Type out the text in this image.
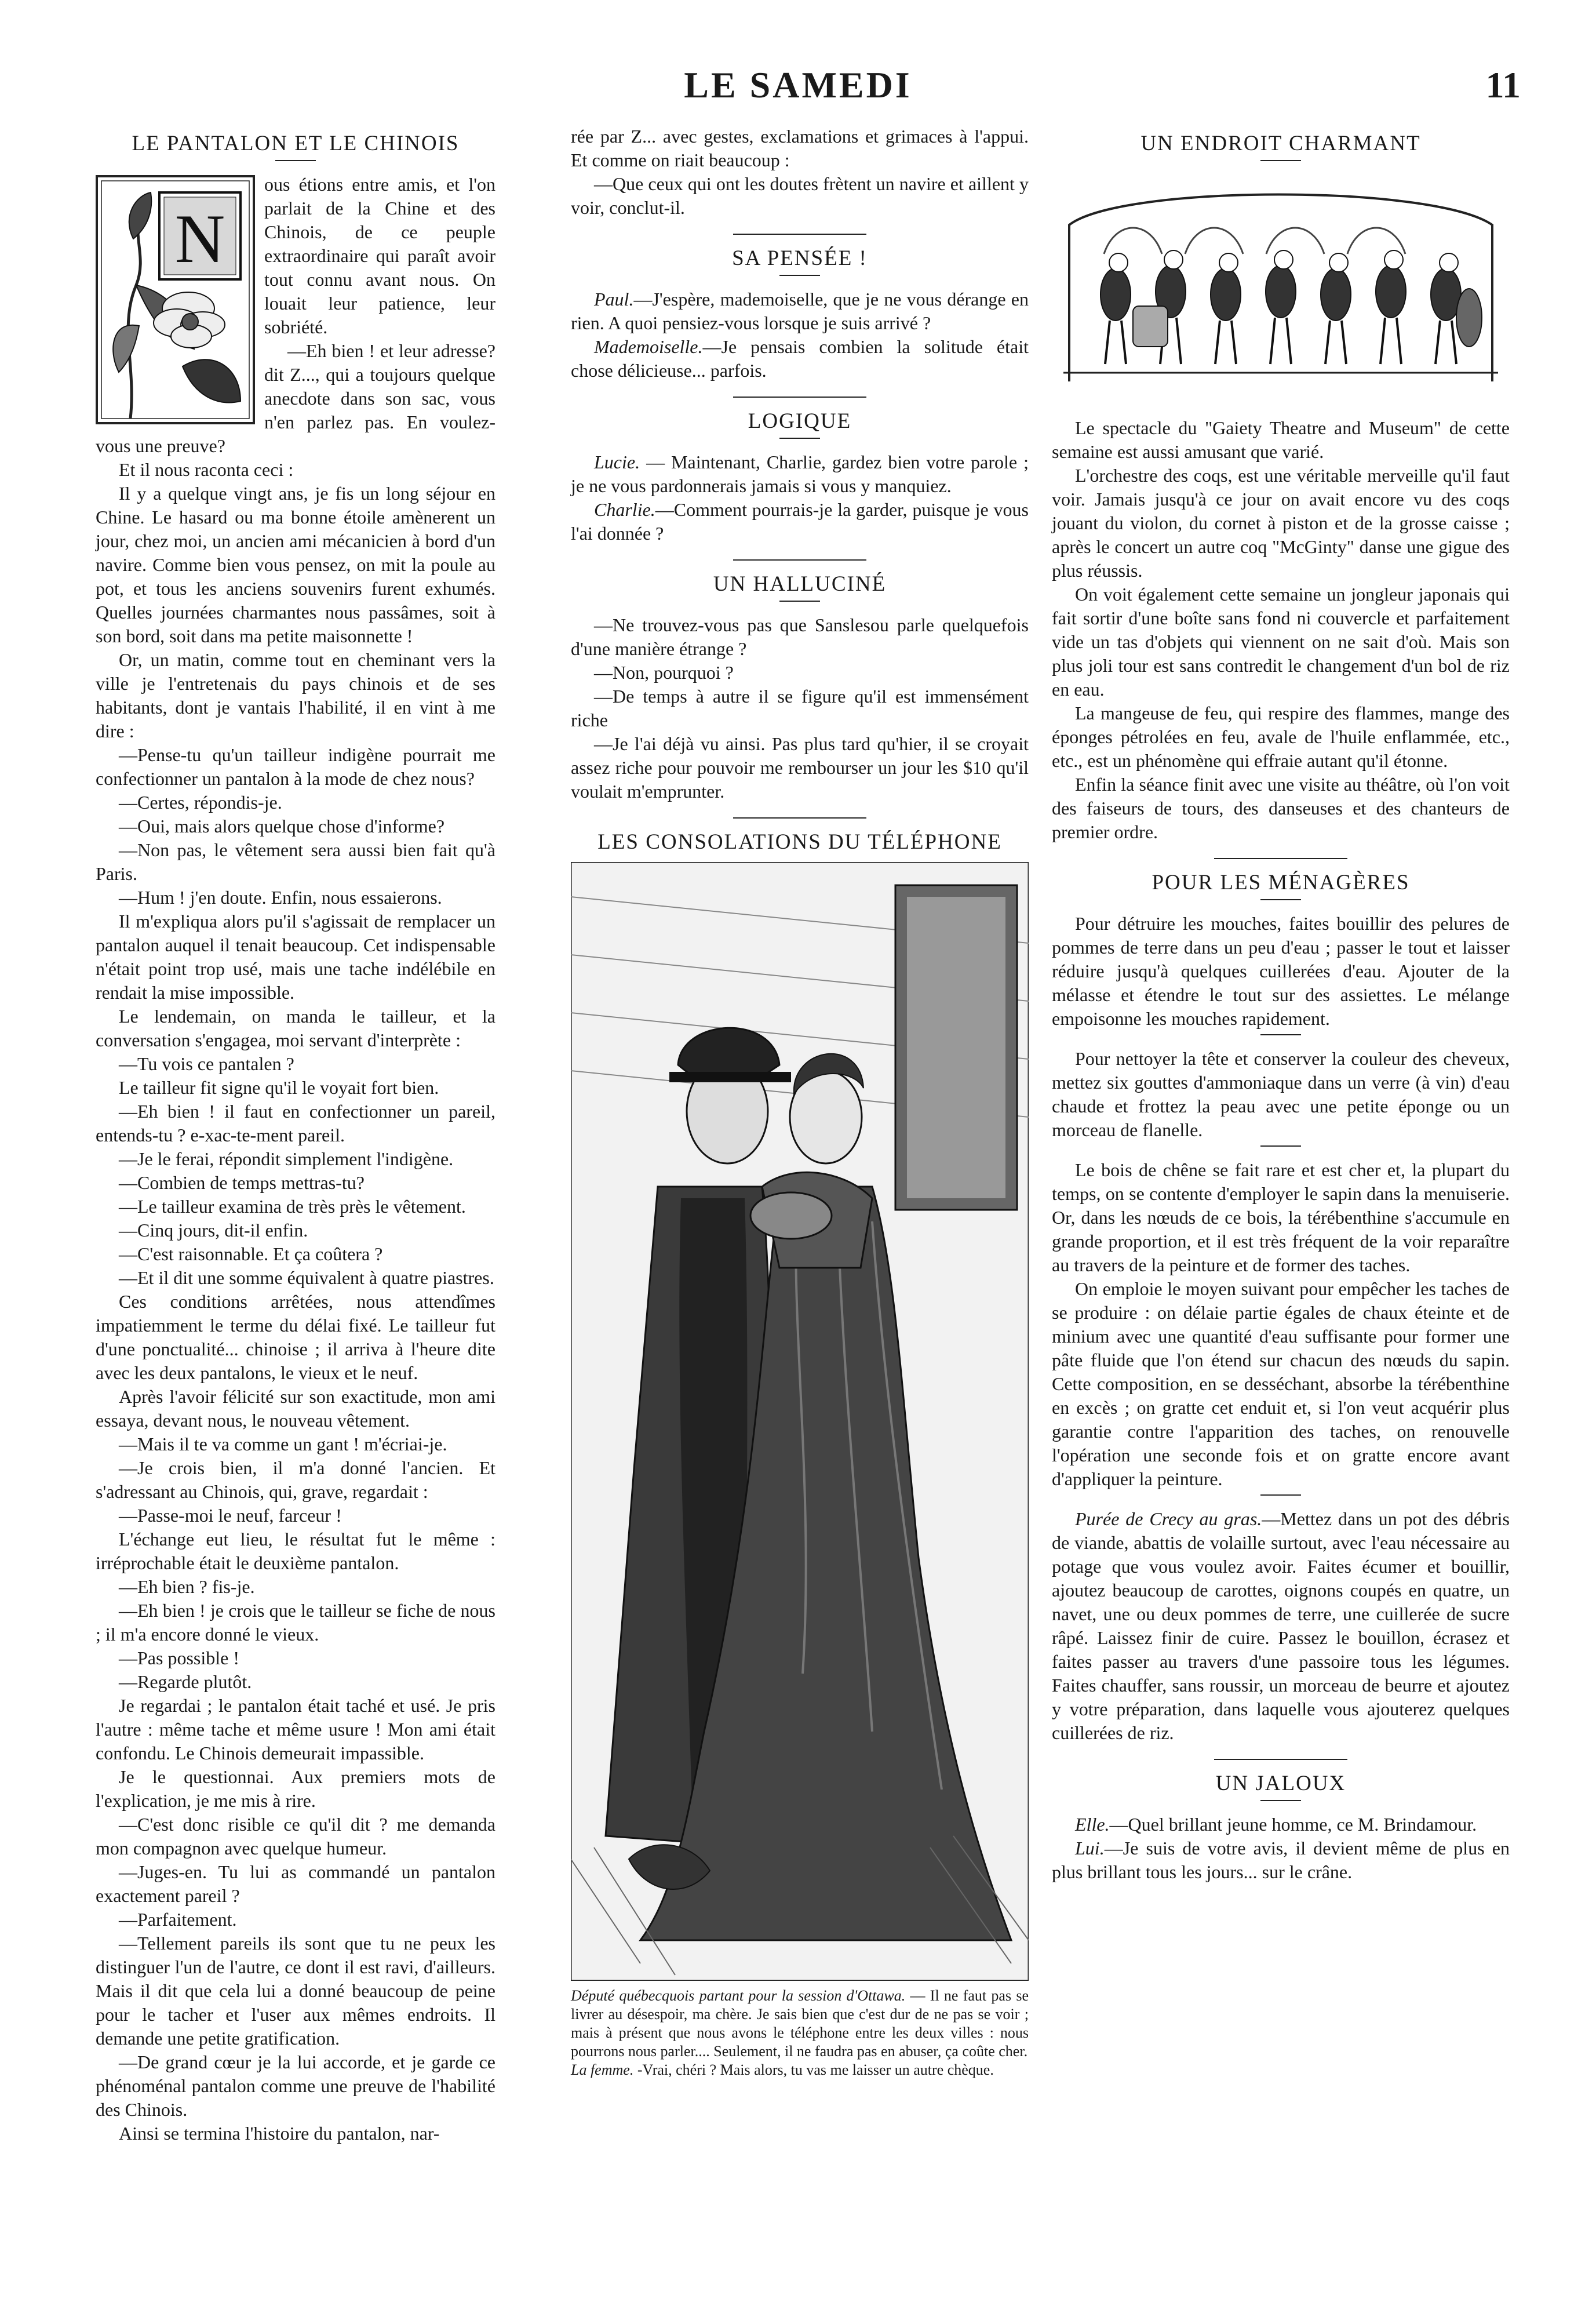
LE SAMEDI	11
LE PANTALON ET LE CHINOIS
N

ous étions entre amis, et l'on parlait de la Chine et des Chinois, de ce peuple extraordinaire qui paraît avoir tout connu avant nous. On louait leur patience, leur sobriété.

—Eh bien ! et leur adresse? dit Z..., qui a toujours quelque anecdote dans son sac, vous n'en parlez pas. En voulez-vous une preuve?

Et il nous raconta ceci :

Il y a quelque vingt ans, je fis un long séjour en Chine. Le hasard ou ma bonne étoile amènerent un jour, chez moi, un ancien ami mécanicien à bord d'un navire. Comme bien vous pensez, on mit la poule au pot, et tous les anciens souvenirs furent exhumés. Quelles journées charmantes nous passâmes, soit à son bord, soit dans ma petite maisonnette !

Or, un matin, comme tout en cheminant vers la ville je l'entretenais du pays chinois et de ses habitants, dont je vantais l'habilité, il en vint à me dire :

—Pense-tu qu'un tailleur indigène pourrait me confectionner un pantalon à la mode de chez nous?

—Certes, répondis-je.

—Oui, mais alors quelque chose d'informe?

—Non pas, le vêtement sera aussi bien fait qu'à Paris.

—Hum ! j'en doute. Enfin, nous essaierons.

Il m'expliqua alors pu'il s'agissait de remplacer un pantalon auquel il tenait beaucoup. Cet indispensable n'était point trop usé, mais une tache indélébile en rendait la mise impossible.

Le lendemain, on manda le tailleur, et la conversation s'engagea, moi servant d'interprète :

—Tu vois ce pantalen ?

Le tailleur fit signe qu'il le voyait fort bien.

—Eh bien ! il faut en confectionner un pareil, entends-tu ? e-xac-te-ment pareil.

—Je le ferai, répondit simplement l'indigène.

—Combien de temps mettras-tu?

—Le tailleur examina de très près le vêtement.

—Cinq jours, dit-il enfin.

—C'est raisonnable. Et ça coûtera ?

—Et il dit une somme équivalent à quatre piastres.

Ces conditions arrêtées, nous attendîmes impatiemment le terme du délai fixé. Le tailleur fut d'une ponctualité... chinoise ; il arriva à l'heure dite avec les deux pantalons, le vieux et le neuf.

Après l'avoir félicité sur son exactitude, mon ami essaya, devant nous, le nouveau vêtement.

—Mais il te va comme un gant ! m'écriai-je.

—Je crois bien, il m'a donné l'ancien. Et s'adressant au Chinois, qui, grave, regardait :

—Passe-moi le neuf, farceur !

L'échange eut lieu, le résultat fut le même : irréprochable était le deuxième pantalon.

—Eh bien ? fis-je.

—Eh bien ! je crois que le tailleur se fiche de nous ; il m'a encore donné le vieux.

—Pas possible !

—Regarde plutôt.

Je regardai ; le pantalon était taché et usé. Je pris l'autre : même tache et même usure ! Mon ami était confondu. Le Chinois demeurait impassible.

Je le questionnai. Aux premiers mots de l'explication, je me mis à rire.

—C'est donc risible ce qu'il dit ? me demanda mon compagnon avec quelque humeur.

—Juges-en. Tu lui as commandé un pantalon exactement pareil ?

—Parfaitement.

—Tellement pareils ils sont que tu ne peux les distinguer l'un de l'autre, ce dont il est ravi, d'ailleurs. Mais il dit que cela lui a donné beaucoup de peine pour le tacher et l'user aux mêmes endroits. Il demande une petite gratification.

—De grand cœur je la lui accorde, et je garde ce phénoménal pantalon comme une preuve de l'habilité des Chinois.

Ainsi se termina l'histoire du pantalon, nar-

rée par Z... avec gestes, exclamations et grimaces à l'appui. Et comme on riait beaucoup :

—Que ceux qui ont les doutes frètent un navire et aillent y voir, conclut-il.

SA PENSÉE !

Paul.—J'espère, mademoiselle, que je ne vous dérange en rien. A quoi pensiez-vous lorsque je suis arrivé ?

Mademoiselle.—Je pensais combien la solitude était chose délicieuse... parfois.

LOGIQUE

Lucie. — Maintenant, Charlie, gardez bien votre parole ; je ne vous pardonnerais jamais si vous y manquiez.

Charlie.—Comment pourrais-je la garder, puisque je vous l'ai donnée ?

UN HALLUCINÉ

—Ne trouvez-vous pas que Sanslesou parle quelquefois d'une manière étrange ?

—Non, pourquoi ?

—De temps à autre il se figure qu'il est immensément riche

—Je l'ai déjà vu ainsi. Pas plus tard qu'hier, il se croyait assez riche pour pouvoir me rembourser un jour les $10 qu'il voulait m'emprunter.

LES CONSOLATIONS DU TÉLÉPHONE

Député québecquois partant pour la session d'Ottawa. — Il ne faut pas se livrer au désespoir, ma chère. Je sais bien que c'est dur de ne pas se voir ; mais à présent que nous avons le téléphone entre les deux villes : nous pourrons nous parler.... Seulement, il ne faudra pas en abuser, ça coûte cher.

La femme. -Vrai, chéri ? Mais alors, tu vas me laisser un autre chèque.

UN ENDROIT CHARMANT

Le spectacle du "Gaiety Theatre and Museum" de cette semaine est aussi amusant que varié.

L'orchestre des coqs, est une véritable merveille qu'il faut voir. Jamais jusqu'à ce jour on avait encore vu des coqs jouant du violon, du cornet à piston et de la grosse caisse ; après le concert un autre coq "McGinty" danse une gigue des plus réussis.

On voit également cette semaine un jongleur japonais qui fait sortir d'une boîte sans fond ni couvercle et parfaitement vide un tas d'objets qui viennent on ne sait d'où. Mais son plus joli tour est sans contredit le changement d'un bol de riz en eau.

La mangeuse de feu, qui respire des flammes, mange des éponges pétrolées en feu, avale de l'huile enflammée, etc., etc., est un phénomène qui effraie autant qu'il étonne.

Enfin la séance finit avec une visite au théâtre, où l'on voit des faiseurs de tours, des danseuses et des chanteurs de premier ordre.

POUR LES MÉNAGÈRES

Pour détruire les mouches, faites bouillir des pelures de pommes de terre dans un peu d'eau ; passer le tout et laisser réduire jusqu'à quelques cuillerées d'eau. Ajouter de la mélasse et étendre le tout sur des assiettes. Le mélange empoisonne les mouches rapidement.

Pour nettoyer la tête et conserver la couleur des cheveux, mettez six gouttes d'ammoniaque dans un verre (à vin) d'eau chaude et frottez la peau avec une petite éponge ou un morceau de flanelle.

Le bois de chêne se fait rare et est cher et, la plupart du temps, on se contente d'employer le sapin dans la menuiserie. Or, dans les nœuds de ce bois, la térébenthine s'accumule en grande proportion, et il est très fréquent de la voir reparaître au travers de la peinture et de former des taches.

On emploie le moyen suivant pour empêcher les taches de se produire : on délaie partie égales de chaux éteinte et de minium avec une quantité d'eau suffisante pour former une pâte fluide que l'on étend sur chacun des nœuds du sapin. Cette composition, en se desséchant, absorbe la térébenthine en excès ; on gratte cet enduit et, si l'on veut acquérir plus garantie contre l'apparition des taches, on renouvelle l'opération une seconde fois et on gratte encore avant d'appliquer la peinture.

Purée de Crecy au gras.—Mettez dans un pot des débris de viande, abattis de volaille surtout, avec l'eau nécessaire au potage que vous voulez avoir. Faites écumer et bouillir, ajoutez beaucoup de carottes, oignons coupés en quatre, un navet, une ou deux pommes de terre, une cuillerée de sucre râpé. Laissez finir de cuire. Passez le bouillon, écrasez et faites passer au travers d'une passoire tous les légumes. Faites chauffer, sans roussir, un morceau de beurre et ajoutez y votre préparation, dans laquelle vous ajouterez quelques cuillerées de riz.

UN JALOUX

Elle.—Quel brillant jeune homme, ce M. Brindamour.

Lui.—Je suis de votre avis, il devient même de plus en plus brillant tous les jours... sur le crâne.
